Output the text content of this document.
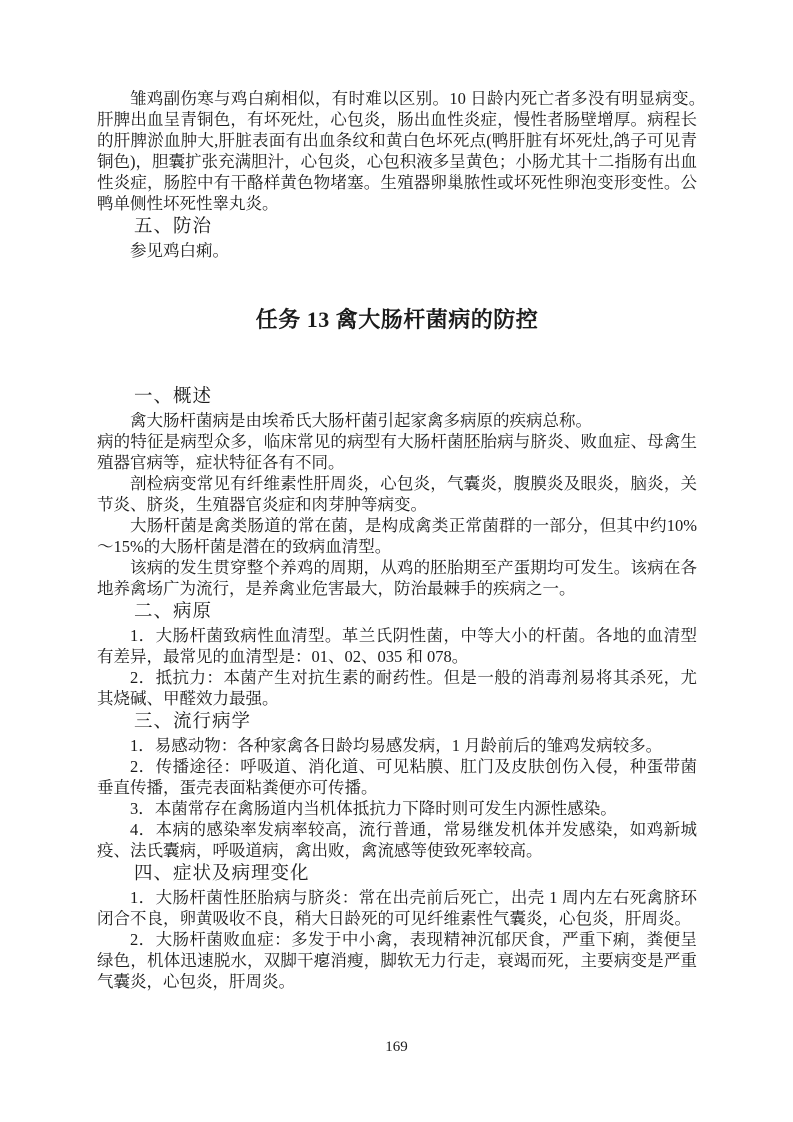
雏鸡副伤寒与鸡白痢相似，有时难以区别。10 日龄内死亡者多没有明显病变。　肝脾出血呈青铜色，有坏死灶，心包炎，肠出血性炎症，慢性者肠壁增厚。病程长的肝脾淤血肿大,肝脏表面有出血条纹和黄白色坏死点(鸭肝脏有坏死灶,鸽子可见青铜色)，胆囊扩张充满胆汁，心包炎，心包积液多呈黄色；小肠尤其十二指肠有出血性炎症，肠腔中有干酪样黄色物堵塞。生殖器卵巢脓性或坏死性卵泡变形变性。公鸭单侧性坏死性睾丸炎。

五、防治

参见鸡白痢。

任务 13 禽大肠杆菌病的防控
一、概述

禽大肠杆菌病是由埃希氏大肠杆菌引起家禽多病原的疾病总称。

病的特征是病型众多，临床常见的病型有大肠杆菌胚胎病与脐炎、败血症、母禽生殖器官病等，症状特征各有不同。

剖检病变常见有纤维素性肝周炎，心包炎，气囊炎，腹膜炎及眼炎，脑炎，关节炎、脐炎，生殖器官炎症和肉芽肿等病变。

大肠杆菌是禽类肠道的常在菌，是构成禽类正常菌群的一部分，但其中约10%～15%的大肠杆菌是潜在的致病血清型。

该病的发生贯穿整个养鸡的周期，从鸡的胚胎期至产蛋期均可发生。该病在各地养禽场广为流行，是养禽业危害最大，防治最棘手的疾病之一。

二、病原

1．大肠杆菌致病性血清型。革兰氏阴性菌，中等大小的杆菌。各地的血清型有差异，最常见的血清型是：01、02、035 和 078。

2．抵抗力：本菌产生对抗生素的耐药性。但是一般的消毒剂易将其杀死，尤其烧碱、甲醛效力最强。

三、流行病学

1．易感动物：各种家禽各日龄均易感发病，1 月龄前后的雏鸡发病较多。

2．传播途径：呼吸道、消化道、可见粘膜、肛门及皮肤创伤入侵，种蛋带菌垂直传播，蛋壳表面粘粪便亦可传播。

3．本菌常存在禽肠道内当机体抵抗力下降时则可发生内源性感染。

4．本病的感染率发病率较高，流行普通，常易继发机体并发感染，如鸡新城疫、法氏囊病，呼吸道病，禽出败，禽流感等使致死率较高。

四、症状及病理变化

1．大肠杆菌性胚胎病与脐炎：常在出壳前后死亡，出壳 1 周内左右死禽脐环闭合不良，卵黄吸收不良，稍大日龄死的可见纤维素性气囊炎，心包炎，肝周炎。

2．大肠杆菌败血症：多发于中小禽，表现精神沉郁厌食，严重下痢，粪便呈绿色，机体迅速脱水，双脚干瘪消瘦，脚软无力行走，衰竭而死，主要病变是严重气囊炎，心包炎，肝周炎。

169
